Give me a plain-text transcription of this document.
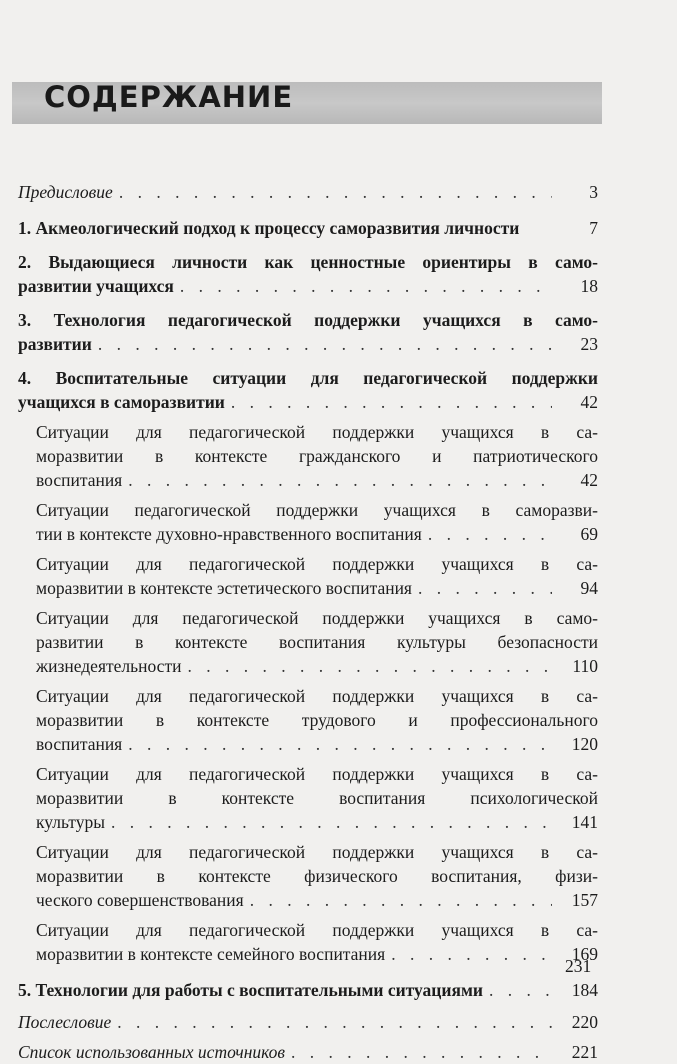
СОДЕРЖАНИЕ
Предисловие . . .	3
1. Акмеологический подход к процессу саморазвития личности	7
2. Выдающиеся личности как ценностные ориентиры в само-
развитии учащихся . . .	18
3. Технология педагогической поддержки учащихся в само-
развитии . . .	23
4. Воспитательные ситуации для педагогической поддержки
учащихся в саморазвитии . . .	42
Ситуации для педагогической поддержки учащихся в са-
моразвитии в контексте гражданского и патриотического
воспитания . . .	42
Ситуации педагогической поддержки учащихся в саморазви-
тии в контексте духовно-нравственного воспитания . . .	69
Ситуации для педагогической поддержки учащихся в са-
моразвитии в контексте эстетического воспитания . . .	94
Ситуации для педагогической поддержки учащихся в само-
развитии в контексте воспитания культуры безопасности
жизнедеятельности . . .	110
Ситуации для педагогической поддержки учащихся в са-
моразвитии в контексте трудового и профессионального
воспитания . . .	120
Ситуации для педагогической поддержки учащихся в са-
моразвитии в контексте воспитания психологической
культуры . . .	141
Ситуации для педагогической поддержки учащихся в са-
моразвитии в контексте физического воспитания, физи-
ческого совершенствования . . .	157
Ситуации для педагогической поддержки учащихся в са-
моразвитии в контексте семейного воспитания . . .	169
5. Технологии для работы с воспитательными ситуациями . . .	184
Послесловие . . .	220
Список использованных источников . . .	221
231
